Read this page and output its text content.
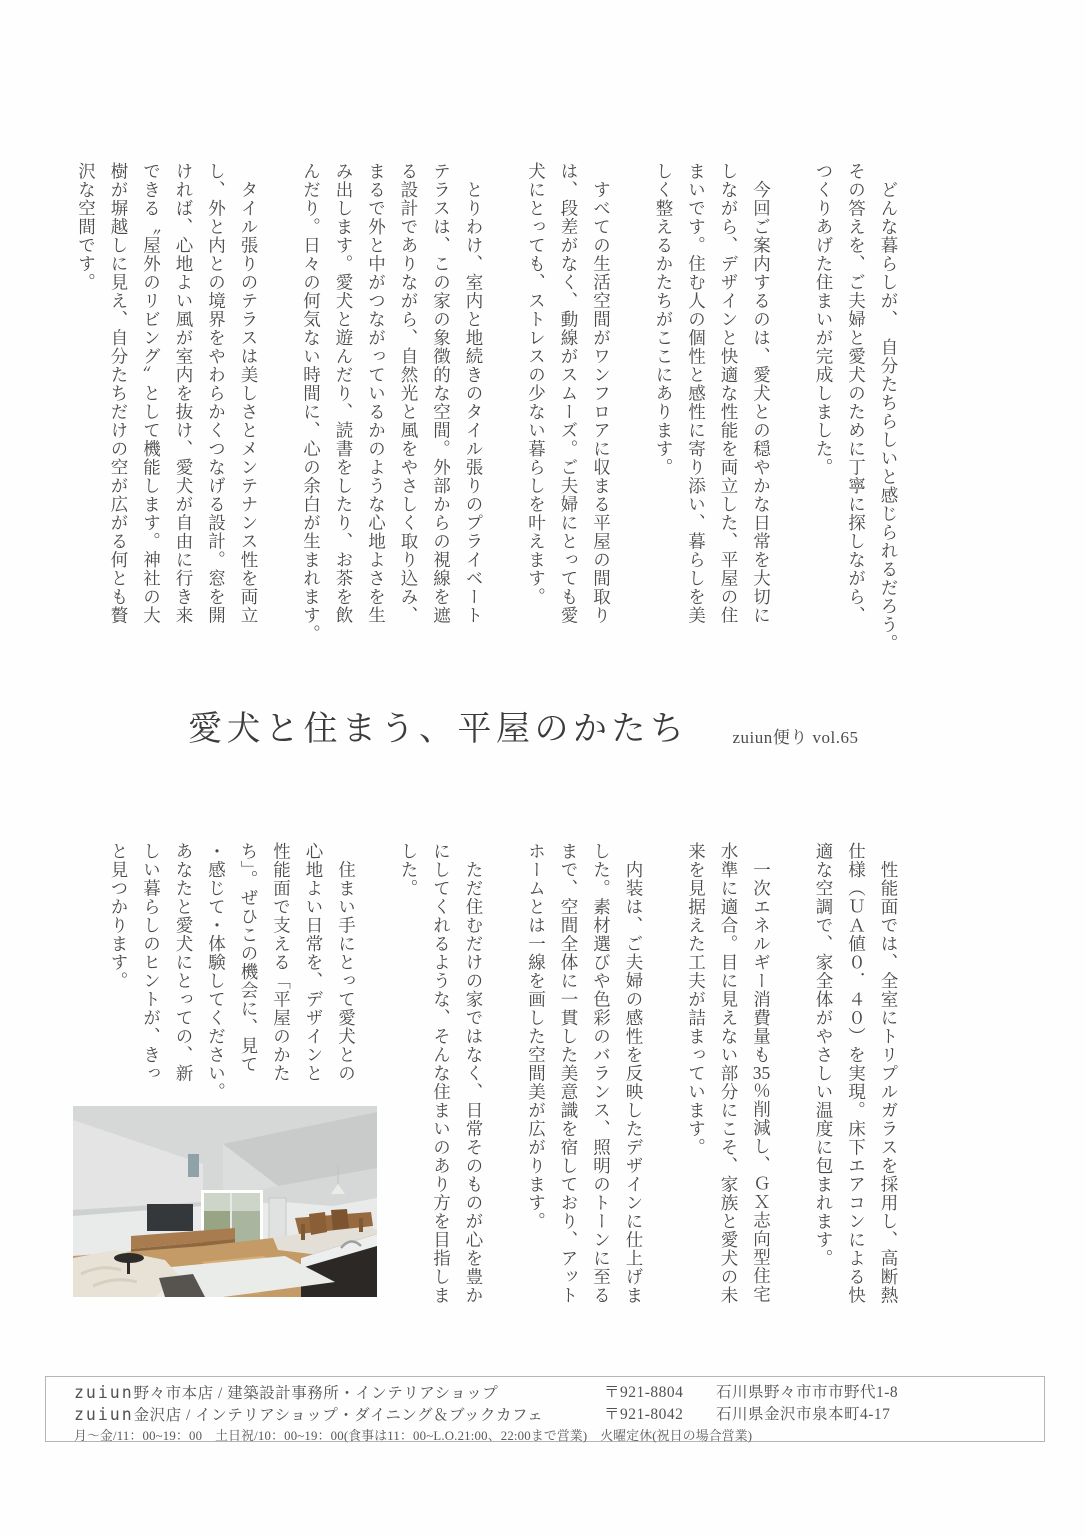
　どんな暮らしが、　自分たちらしいと感じられるだろう。
その答えを、ご夫婦と愛犬のために丁寧に探しながら、
つくりあげた住まいが完成しました。
　今回ご案内するのは、愛犬との穏やかな日常を大切に
しながら、デザインと快適な性能を両立した、平屋の住
まいです。住む人の個性と感性に寄り添い、暮らしを美
しく整えるかたちがここにあります。
　すべての生活空間がワンフロアに収まる平屋の間取り
は、段差がなく、動線がスムーズ。ご夫婦にとっても愛
犬にとっても、ストレスの少ない暮らしを叶えます。
　とりわけ、室内と地続きのタイル張りのプライベート
テラスは、この家の象徴的な空間。外部からの視線を遮
る設計でありながら、自然光と風をやさしく取り込み、
まるで外と中がつながっているかのような心地よさを生
み出します。愛犬と遊んだり、読書をしたり、お茶を飲
んだり。日々の何気ない時間に、心の余白が生まれます。
　タイル張りのテラスは美しさとメンテナンス性を両立
し、外と内との境界をやわらかくつなげる設計。窓を開
ければ、心地よい風が室内を抜け、愛犬が自由に行き来
できる〝屋外のリビング〟として機能します。神社の大
樹が塀越しに見え、自分たちだけの空が広がる何とも贅
沢な空間です。
愛犬と住まう、平屋のかたち	zuiun便り vol.65
　性能面では、全室にトリプルガラスを採用し、高断熱
仕様（ＵＡ値０．４０）を実現。床下エアコンによる快
適な空調で、家全体がやさしい温度に包まれます。
　一次エネルギー消費量も35％削減し、ＧＸ志向型住宅
水準に適合。目に見えない部分にこそ、家族と愛犬の未
来を見据えた工夫が詰まっています。
　内装は、ご夫婦の感性を反映したデザインに仕上げま
した。素材選びや色彩のバランス、照明のトーンに至る
まで、空間全体に一貫した美意識を宿しており、アット
ホームとは一線を画した空間美が広がります。
　ただ住むだけの家ではなく、日常そのものが心を豊か
にしてくれるような、そんな住まいのあり方を目指しま
した。
　住まい手にとって愛犬との
心地よい日常を、デザインと
性能面で支える「平屋のかた
ち」。ぜひこの機会に、見て
・感じて・体験してください。
あなたと愛犬にとっての、新
しい暮らしのヒントが、きっ
と見つかります。
zuiun野々市本店 / 建築設計事務所・インテリアショップ	〒921-8804	石川県野々市市市野代1-8
zuiun金沢店 / インテリアショップ・ダイニング＆ブックカフェ	〒921-8042	石川県金沢市泉本町4-17
月～金/11：00~19：00　土日祝/10：00~19：00(食事は11：00~L.O.21:00、22:00まで営業)　火曜定休(祝日の場合営業)
